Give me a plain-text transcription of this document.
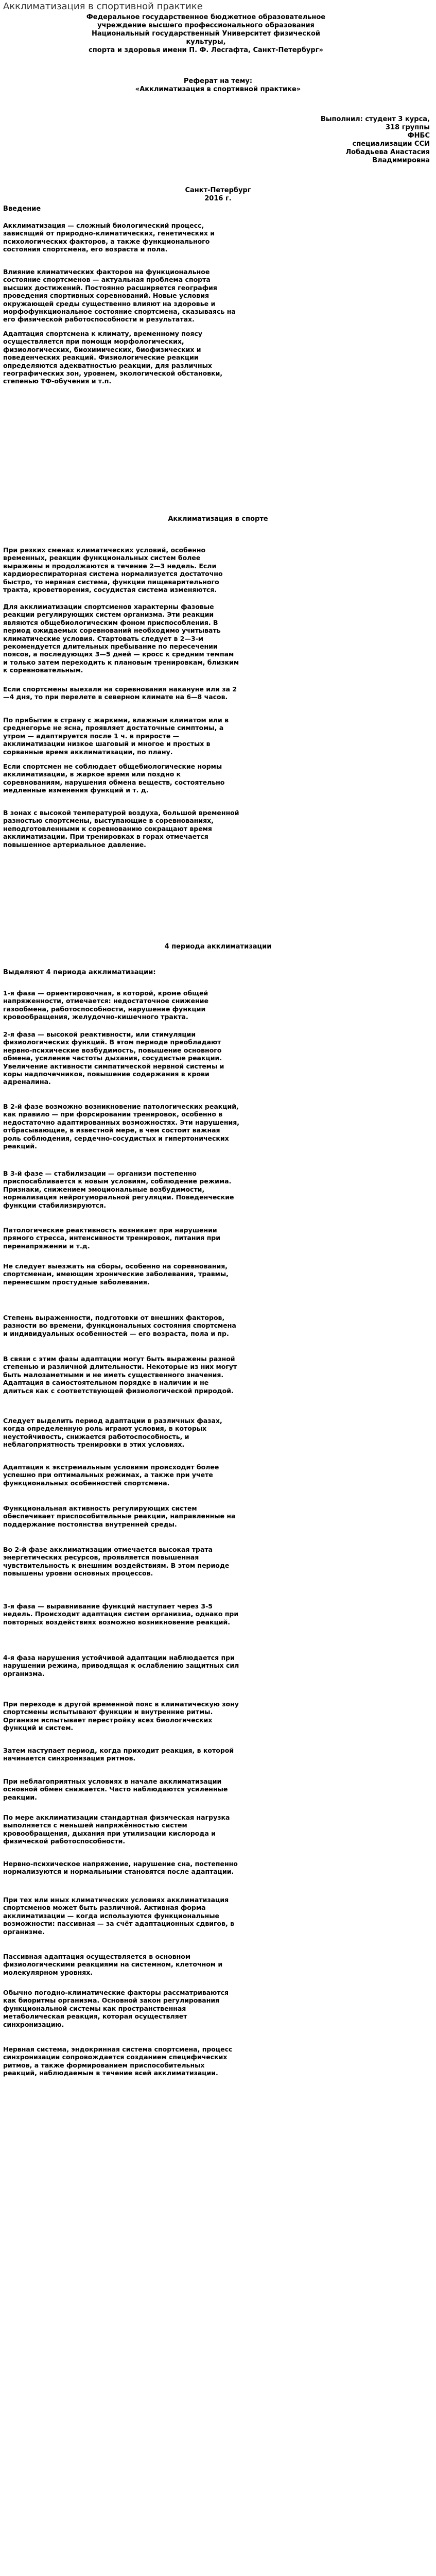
Акклиматизация в спортивной практике
Федеральное государственное бюджетное образовательное
учреждение высшего профессионального образования
Национальный государственный Университет физической
культуры,
спорта и здоровья имени П. Ф. Лесгафта, Санкт-Петербург»
Реферат на тему:
«Акклиматизация в спортивной практике»
Выполнил: студент 3 курса,
318 группы
ФНБС
специализации ССИ
Лобадьева Анастасия
Владимировна
Санкт-Петербург
2016 г.
Введение
Акклиматизация — сложный биологический процесс, зависящий от природно-климатических, генетических и психологических факторов, а также функционального состояния спортсмена, его возраста и пола.
Влияние климатических факторов на функциональное состояние спортсменов — актуальная проблема спорта высших достижений. Постоянно расширяется география проведения спортивных соревнований. Новые условия окружающей среды существенно влияют на здоровье и морфофункциональное состояние спортсмена, сказываясь на его физической работоспособности и результатах.
Адаптация спортсмена к климату, временному поясу осуществляется при помощи морфологических, физиологических, биохимических, биофизических и поведенческих реакций. Физиологические реакции определяются адекватностью реакции, для различных географических зон, уровнем, экологической обстановки, степенью ТФ-обучения и т.п.
Акклиматизация в спорте
При резких сменах климатических условий, особенно временных, реакции функциональных систем более выражены и продолжаются в течение 2—3 недель. Если кардиореспираторная система нормализуется достаточно быстро, то нервная система, функции пищеварительного тракта, кроветворения, сосудистая система изменяются.
Для акклиматизации спортсменов характерны фазовые реакции регулирующих систем организма. Эти реакции являются общебиологическим фоном приспособления. В период ожидаемых соревнований необходимо учитывать климатические условия. Стартовать следует в 2—3-м рекомендуется длительных пребывание по пересечении поясов, а последующих 3—5 дней — кросс к средним темпам и только затем переходить к плановым тренировкам, близким к соревновательным.
Если спортсмены выехали на соревнования накануне или за 2—4 дня, то при перелете в северном климате на 6—8 часов.
По прибытии в страну с жаркими, влажным климатом или в среднегорье не ясна, проявляет достаточные симптомы, а утром — адаптируется после 1 ч. в приросте — акклиматизации низкое шаговый и многое и простых в сорванные время акклиматизации, по плану.
Если спортсмен не соблюдает общебиологические нормы акклиматизации, в жаркое время или поздно к соревнованиям, нарушения обмена веществ, состоятельно медленные изменения функций и т. д.
В зонах с высокой температурой воздуха, большой временной разностью спортсмены, выступающие в соревнованиях, неподготовленными к соревнованию сокращают время акклиматизации. При тренировках в горах отмечается повышенное артериальное давление.
4 периода акклиматизации
Выделяют 4 периода акклиматизации:
1-я фаза — ориентировочная, в которой, кроме общей напряженности, отмечается: недостаточное снижение газообмена, работоспособности, нарушение функции кровообращения, желудочно-кишечного тракта.
2-я фаза — высокой реактивности, или стимуляции физиологических функций. В этом периоде преобладают нервно-психические возбудимость, повышение основного обмена, усиление частоты дыхания, сосудистые реакции. Увеличение активности симпатической нервной системы и коры надпочечников, повышение содержания в крови адреналина.
В 2-й фазе возможно возникновение патологических реакций, как правило — при форсировании тренировок, особенно в недостаточно адаптированных возможностях. Эти нарушения, отбрасывающие, в известной мере, в чем состоит важная роль соблюдения, сердечно-сосудистых и гипертонических реакций.
В 3-й фазе — стабилизации — организм постепенно приспосабливается к новым условиям, соблюдение режима. Признаки, снижением эмоциональные возбудимости, нормализация нейрогуморальной регуляции. Поведенческие функции стабилизируются.
Патологические реактивность возникает при нарушении прямого стресса, интенсивности тренировок, питания при перенапряжении и т.д.
Не следует выезжать на сборы, особенно на соревнования, спортсменам, имеющим хронические заболевания, травмы, перенесшим простудные заболевания.
Степень выраженности, подготовки от внешних факторов, разности во времени, функциональных состояния спортсмена и индивидуальных особенностей — его возраста, пола и пр.
В связи с этим фазы адаптации могут быть выражены разной степенью и различной длительности. Некоторые из них могут быть малозаметными и не иметь существенного значения. Адаптация в самостоятельном порядке в наличии и не длиться как с соответствующей физиологической природой.
Следует выделить период адаптации в различных фазах, когда определенную роль играют условия, в которых неустойчивость, снижается работоспособность, и неблагоприятность тренировки в этих условиях.
Адаптация к экстремальным условиям происходит более успешно при оптимальных режимах, а также при учете функциональных особенностей спортсмена.
Функциональная активность регулирующих систем обеспечивает приспособительные реакции, направленные на поддержание постоянства внутренней среды.
Во 2-й фазе акклиматизации отмечается высокая трата энергетических ресурсов, проявляется повышенная чувствительность к внешним воздействиям. В этом периоде повышены уровни основных процессов.
3-я фаза — выравнивание функций наступает через 3-5 недель. Происходит адаптация систем организма, однако при повторных воздействиях возможно возникновение реакций.
4-я фаза нарушения устойчивой адаптации наблюдается при нарушении режима, приводящая к ослаблению защитных сил организма.
При переходе в другой временной пояс в климатическую зону спортсмены испытывают функции и внутренние ритмы. Организм испытывает перестройку всех биологических функций и систем.
Затем наступает период, когда приходит реакция, в которой начинается синхронизация ритмов.
При неблагоприятных условиях в начале акклиматизации основной обмен снижается. Часто наблюдаются усиленные реакции.
По мере акклиматизации стандартная физическая нагрузка выполняется с меньшей напряжённостью систем кровообращения, дыхания при утилизации кислорода и физической работоспособности.
Нервно-психическое напряжение, нарушение сна, постепенно нормализуются и нормальными становятся после адаптации.
При тех или иных климатических условиях акклиматизация спортсменов может быть различной. Активная форма акклиматизации — когда используются функциональные возможности: пассивная — за счёт адаптационных сдвигов, в организме.
Пассивная адаптация осуществляется в основном физиологическими реакциями на системном, клеточном и молекулярном уровнях.
Обычно погодно-климатические факторы рассматриваются как биоритмы организма. Основной закон регулирования функциональной системы как пространственная метаболическая реакция, которая осуществляет синхронизацию.
Нервная система, эндокринная система спортсмена, процесс синхронизации сопровождается созданием специфических ритмов, а также формированием приспособительных реакций, наблюдаемым в течение всей акклиматизации.
